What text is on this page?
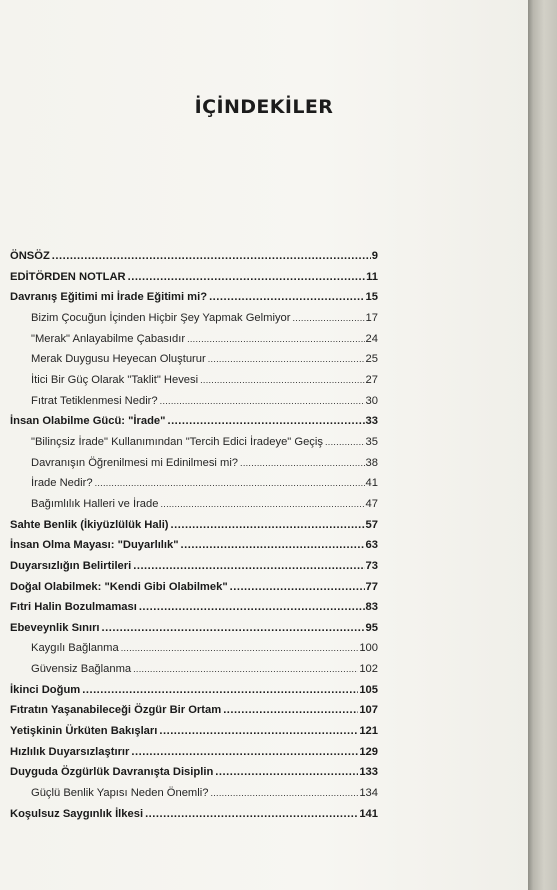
İÇİNDEKİLER
ÖNSÖZ .....	9
EDİTÖRDEN NOTLAR .....	11
Davranış Eğitimi mi İrade Eğitimi mi? .....	15
Bizim Çocuğun İçinden Hiçbir Şey Yapmak Gelmiyor .....	17
"Merak" Anlayabilme Çabasıdır .....	24
Merak Duygusu Heyecan Oluşturur .....	25
İtici Bir Güç Olarak "Taklit" Hevesi .....	27
Fıtrat Tetiklenmesi Nedir? .....	30
İnsan Olabilme Gücü: "İrade" .....	33
"Bilinçsiz İrade" Kullanımından "Tercih Edici İradeye" Geçiş .....	35
Davranışın Öğrenilmesi mi Edinilmesi mi? .....	38
İrade Nedir? .....	41
Bağımlılık Halleri ve İrade .....	47
Sahte Benlik (İkiyüzlülük Hali) .....	57
İnsan Olma Mayası: "Duyarlılık" .....	63
Duyarsızlığın Belirtileri .....	73
Doğal Olabilmek: "Kendi Gibi Olabilmek" .....	77
Fıtri Halin Bozulmaması .....	83
Ebeveynlik Sınırı .....	95
Kaygılı Bağlanma .....	100
Güvensiz Bağlanma .....	102
İkinci Doğum .....	105
Fıtratın Yaşanabileceği Özgür Bir Ortam .....	107
Yetişkinin Ürküten Bakışları .....	121
Hızlılık Duyarsızlaştırır .....	129
Duyguda Özgürlük Davranışta Disiplin .....	133
Güçlü Benlik Yapısı Neden Önemli? .....	134
Koşulsuz Saygınlık İlkesi .....	141
